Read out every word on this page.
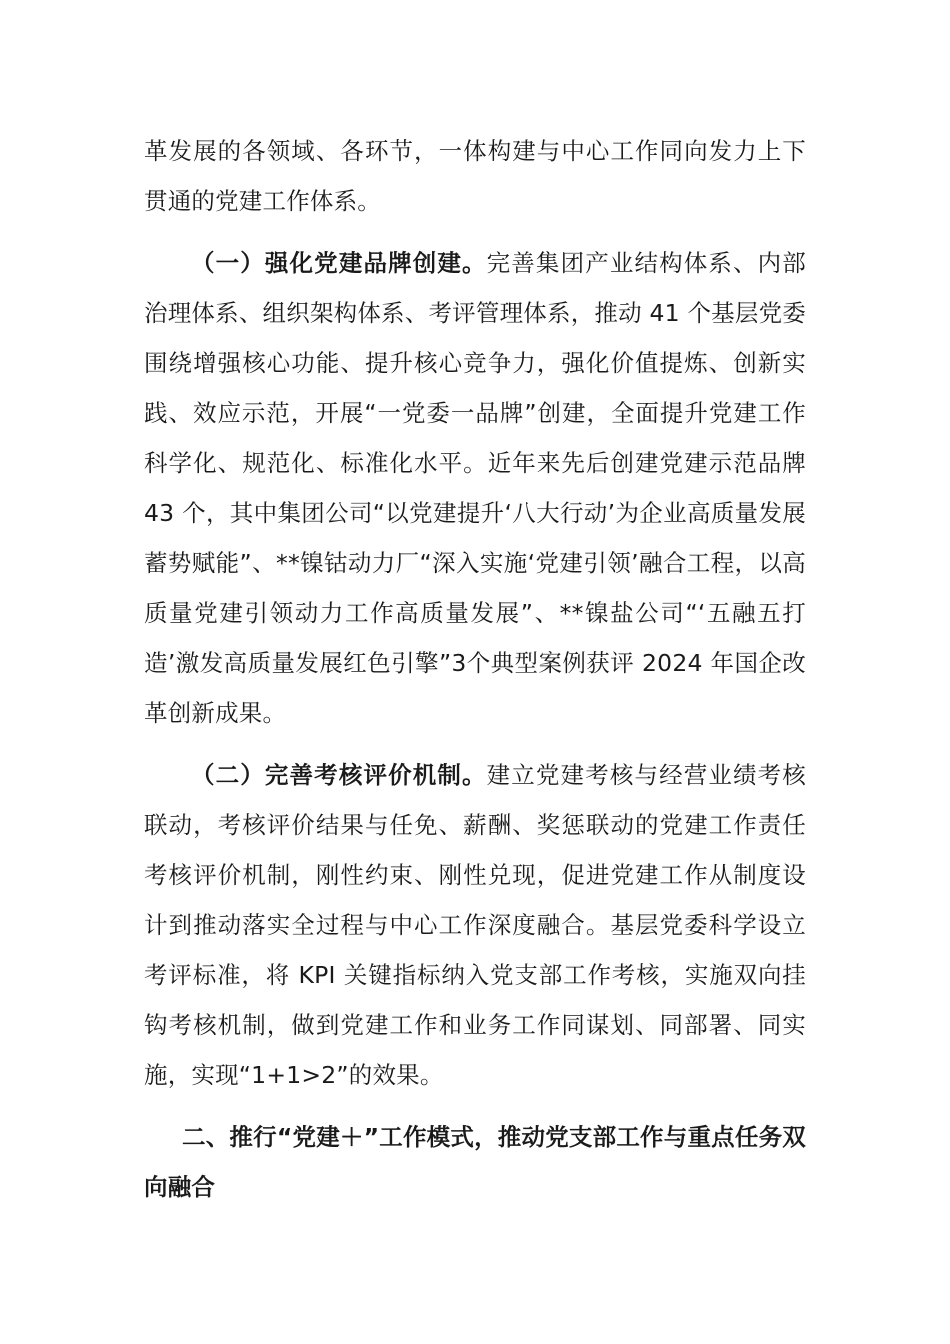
革发展的各领域、各环节，一体构建与中心工作同向发力上下贯通的党建工作体系。

（一）强化党建品牌创建。完善集团产业结构体系、内部治理体系、组织架构体系、考评管理体系，推动 41 个基层党委围绕增强核心功能、提升核心竞争力，强化价值提炼、创新实践、效应示范，开展“一党委一品牌”创建，全面提升党建工作科学化、规范化、标准化水平。近年来先后创建党建示范品牌 43 个，其中集团公司“以党建提升‘八大行动’为企业高质量发展蓄势赋能”、**镍钴动力厂“深入实施‘党建引领’融合工程，以高质量党建引领动力工作高质量发展”、**镍盐公司“‘五融五打造’激发高质量发展红色引擎”3个典型案例获评 2024 年国企改革创新成果。

（二）完善考核评价机制。建立党建考核与经营业绩考核联动，考核评价结果与任免、薪酬、奖惩联动的党建工作责任考核评价机制，刚性约束、刚性兑现，促进党建工作从制度设计到推动落实全过程与中心工作深度融合。基层党委科学设立考评标准，将 KPI 关键指标纳入党支部工作考核，实施双向挂钩考核机制，做到党建工作和业务工作同谋划、同部署、同实施，实现“1+1>2”的效果。

二、推行“党建＋”工作模式，推动党支部工作与重点任务双向融合
